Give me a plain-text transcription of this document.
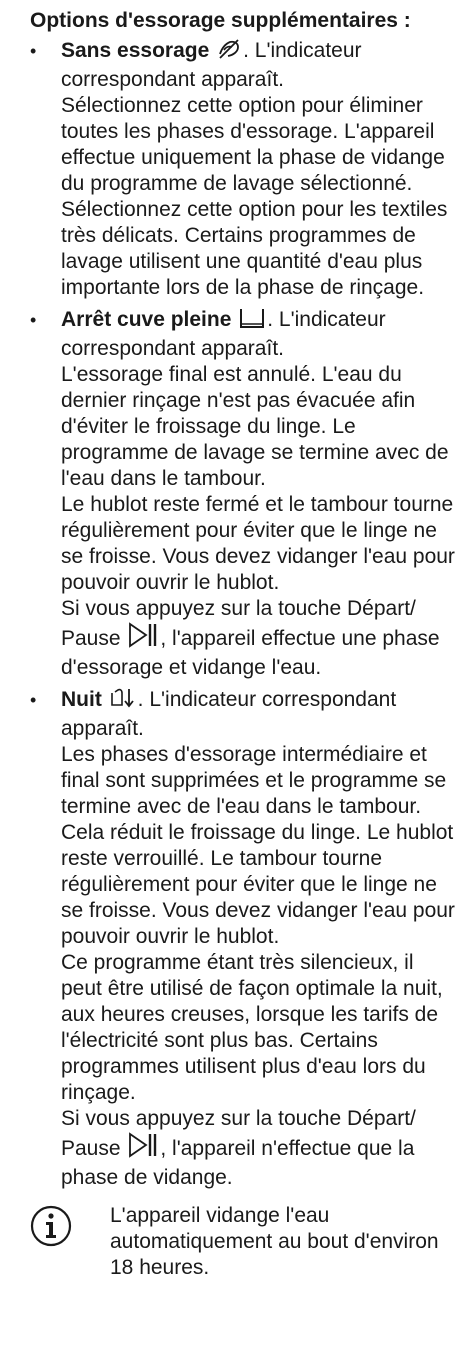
Options d'essorage supplémentaires :
• Sans essorage . L'indicateur correspondant apparaît.
Sélectionnez cette option pour éliminer toutes les phases d'essorage. L'appareil effectue uniquement la phase de vidange du programme de lavage sélectionné.
Sélectionnez cette option pour les textiles très délicats. Certains programmes de lavage utilisent une quantité d'eau plus importante lors de la phase de rinçage.
• Arrêt cuve pleine . L'indicateur correspondant apparaît.
L'essorage final est annulé. L'eau du dernier rinçage n'est pas évacuée afin d'éviter le froissage du linge. Le programme de lavage se termine avec de l'eau dans le tambour.
Le hublot reste fermé et le tambour tourne régulièrement pour éviter que le linge ne se froisse. Vous devez vidanger l'eau pour pouvoir ouvrir le hublot.
Si vous appuyez sur la touche Départ/ Pause , l'appareil effectue une phase d'essorage et vidange l'eau.
• Nuit . L'indicateur correspondant apparaît.
Les phases d'essorage intermédiaire et final sont supprimées et le programme se termine avec de l'eau dans le tambour. Cela réduit le froissage du linge. Le hublot reste verrouillé. Le tambour tourne régulièrement pour éviter que le linge ne se froisse. Vous devez vidanger l'eau pour pouvoir ouvrir le hublot.
Ce programme étant très silencieux, il peut être utilisé de façon optimale la nuit, aux heures creuses, lorsque les tarifs de l'électricité sont plus bas. Certains programmes utilisent plus d'eau lors du rinçage.
Si vous appuyez sur la touche Départ/ Pause , l'appareil n'effectue que la phase de vidange.
L'appareil vidange l'eau automatiquement au bout d'environ 18 heures.
